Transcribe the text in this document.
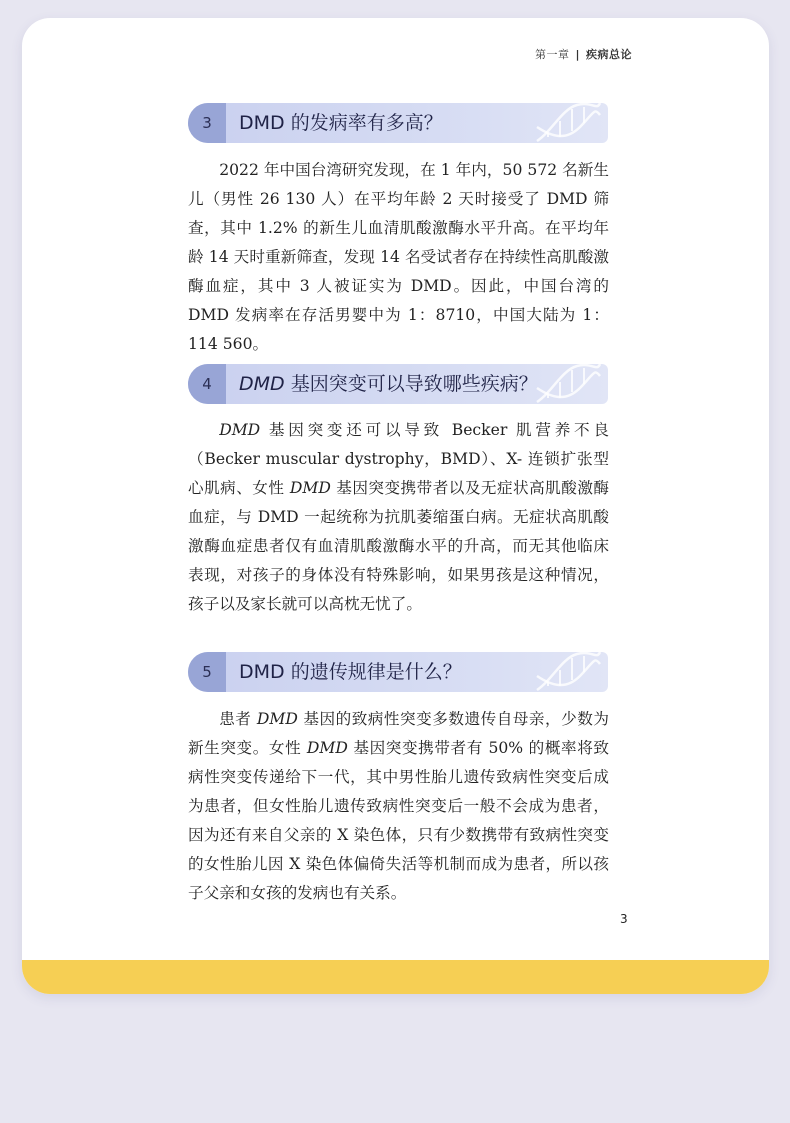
第一章 | 疾病总论
3	DMD 的发病率有多高？
2022 年中国台湾研究发现，在 1 年内，50 572 名新生儿（男性 26 130 人）在平均年龄 2 天时接受了 DMD 筛查，其中 1.2% 的新生儿血清肌酸激酶水平升高。在平均年龄 14 天时重新筛查，发现 14 名受试者存在持续性高肌酸激酶血症，其中 3 人被证实为 DMD。因此，中国台湾的 DMD 发病率在存活男婴中为 1：8710，中国大陆为 1：114 560。
4	DMD 基因突变可以导致哪些疾病？
DMD 基因突变还可以导致 Becker 肌营养不良（Becker muscular dystrophy，BMD）、X- 连锁扩张型心肌病、女性 DMD 基因突变携带者以及无症状高肌酸激酶血症，与 DMD 一起统称为抗肌萎缩蛋白病。无症状高肌酸激酶血症患者仅有血清肌酸激酶水平的升高，而无其他临床表现，对孩子的身体没有特殊影响，如果男孩是这种情况，孩子以及家长就可以高枕无忧了。
5	DMD 的遗传规律是什么？
患者 DMD 基因的致病性突变多数遗传自母亲，少数为新生突变。女性 DMD 基因突变携带者有 50% 的概率将致病性突变传递给下一代，其中男性胎儿遗传致病性突变后成为患者，但女性胎儿遗传致病性突变后一般不会成为患者，因为还有来自父亲的 X 染色体，只有少数携带有致病性突变的女性胎儿因 X 染色体偏倚失活等机制而成为患者，所以孩子父亲和女孩的发病也有关系。
3
